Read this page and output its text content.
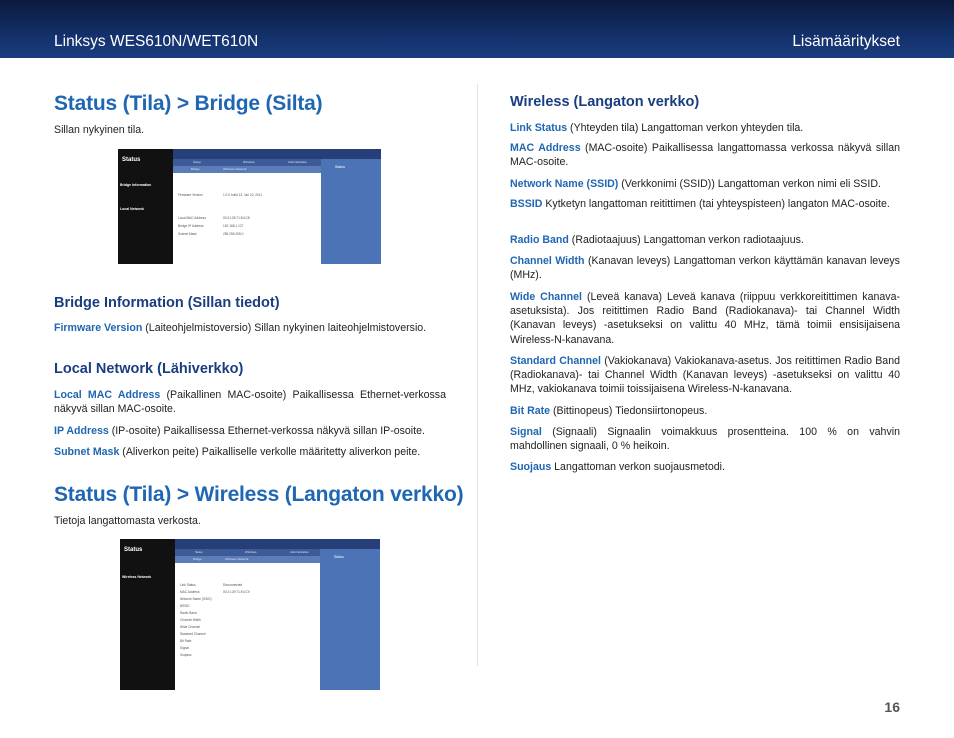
Linksys WES610N/WET610N	Lisämääritykset
Status (Tila) > Bridge (Silta)

Sillan nykyinen tila.

Status
Bridge Information
Local Network
Setup	Wireless	Administration
Bridge	Wireless Network
Firmware Version	1.0.0 build 13, Jan 22, 2011
Local MAC Address	00:21:29:71:E4:C8
Bridge IP Address	192.168.1.127
Subnet Mask	255.255.255.0
Status
Bridge Information (Sillan tiedot)

Firmware Version (Laiteohjelmistoversio) Sillan nykyinen laiteohjelmistoversio.

Local Network (Lähiverkko)

Local MAC Address (Paikallinen MAC-osoite) Paikallisessa Ethernet-verkossa näkyvä sillan MAC-osoite.

IP Address (IP-osoite) Paikallisessa Ethernet-verkossa näkyvä sillan IP-osoite.

Subnet Mask (Aliverkon peite) Paikalliselle verkolle määritetty aliverkon peite.

Status (Tila) > Wireless (Langaton verkko)

Tietoja langattomasta verkosta.

Status
Wireless Network
Setup	Wireless	Administration
Bridge	Wireless Network
Link Status	Disconnected
MAC Address	00:21:29:71:E4:C9
Network Name (SSID)
BSSID
Radio Band
Channel Width
Wide Channel
Standard Channel
Bit Rate
Signal
Suojaus
Status
Wireless (Langaton verkko)

Link Status (Yhteyden tila) Langattoman verkon yhteyden tila.

MAC Address (MAC-osoite) Paikallisessa langattomassa verkossa näkyvä sillan MAC-osoite.

Network Name (SSID) (Verkkonimi (SSID)) Langattoman verkon nimi eli SSID.

BSSID Kytketyn langattoman reitittimen (tai yhteyspisteen) langaton MAC-osoite.

Radio Band (Radiotaajuus) Langattoman verkon radiotaajuus.

Channel Width (Kanavan leveys) Langattoman verkon käyttämän kanavan leveys (MHz).

Wide Channel (Leveä kanava) Leveä kanava (riippuu verkkoreitittimen kanava-asetuksista). Jos reitittimen Radio Band (Radiokanava)- tai Channel Width (Kanavan leveys) -asetukseksi on valittu 40 MHz, tämä toimii ensisijaisena Wireless-N-kanavana.

Standard Channel (Vakiokanava) Vakiokanava-asetus. Jos reitittimen Radio Band (Radiokanava)- tai Channel Width (Kanavan leveys) -asetukseksi on valittu 40 MHz, vakiokanava toimii toissijaisena Wireless-N-kanavana.

Bit Rate (Bittinopeus) Tiedonsiirtonopeus.

Signal (Signaali) Signaalin voimakkuus prosentteina. 100 % on vahvin mahdollinen signaali, 0 % heikoin.

Suojaus Langattoman verkon suojausmetodi.

16
